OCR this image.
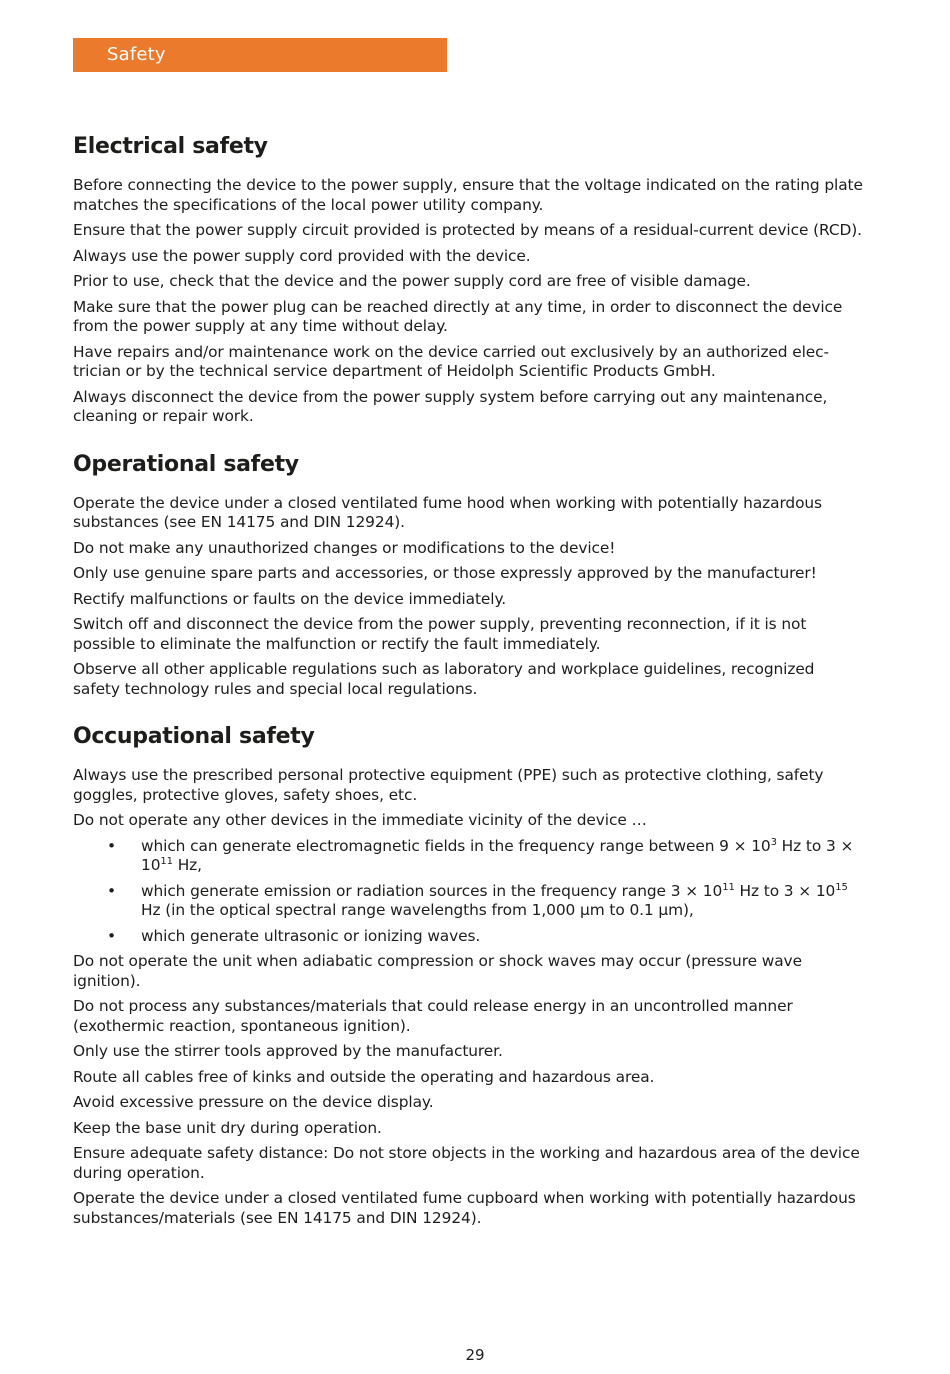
Safety
Electrical safety

Before connecting the device to the power supply, ensure that the voltage indicated on the rating plate matches the specifications of the local power utility company.

Ensure that the power supply circuit provided is protected by means of a residual-current device (RCD).

Always use the power supply cord provided with the device.

Prior to use, check that the device and the power supply cord are free of visible damage.

Make sure that the power plug can be reached directly at any time, in order to disconnect the device from the power supply at any time without delay.

Have repairs and/or maintenance work on the device carried out exclusively by an authorized elec-trician or by the technical service department of Heidolph Scientific Products GmbH.

Always disconnect the device from the power supply system before carrying out any maintenance, cleaning or repair work.

Operational safety

Operate the device under a closed ventilated fume hood when working with potentially hazardous substances (see EN 14175 and DIN 12924).

Do not make any unauthorized changes or modifications to the device!

Only use genuine spare parts and accessories, or those expressly approved by the manufacturer!

Rectify malfunctions or faults on the device immediately.

Switch off and disconnect the device from the power supply, preventing reconnection, if it is not possible to eliminate the malfunction or rectify the fault immediately.

Observe all other applicable regulations such as laboratory and workplace guidelines, recognized safety technology rules and special local regulations.

Occupational safety

Always use the prescribed personal protective equipment (PPE) such as protective clothing, safety goggles, protective gloves, safety shoes, etc.

Do not operate any other devices in the immediate vicinity of the device …

• which can generate electromagnetic fields in the frequency range between $9 \times 10^3$ Hz to $3 \times 10^{11}$ Hz,
• which generate emission or radiation sources in the frequency range $3 \times 10^{11}$ Hz to $3 \times 10^{15}$ Hz (in the optical spectral range wavelengths from 1,000 µm to 0.1 µm),
• which generate ultrasonic or ionizing waves.

Do not operate the unit when adiabatic compression or shock waves may occur (pressure wave ignition).

Do not process any substances/materials that could release energy in an uncontrolled manner (exothermic reaction, spontaneous ignition).

Only use the stirrer tools approved by the manufacturer.

Route all cables free of kinks and outside the operating and hazardous area.

Avoid excessive pressure on the device display.

Keep the base unit dry during operation.

Ensure adequate safety distance: Do not store objects in the working and hazardous area of the device during operation.

Operate the device under a closed ventilated fume cupboard when working with potentially hazardous substances/materials (see EN 14175 and DIN 12924).

29
